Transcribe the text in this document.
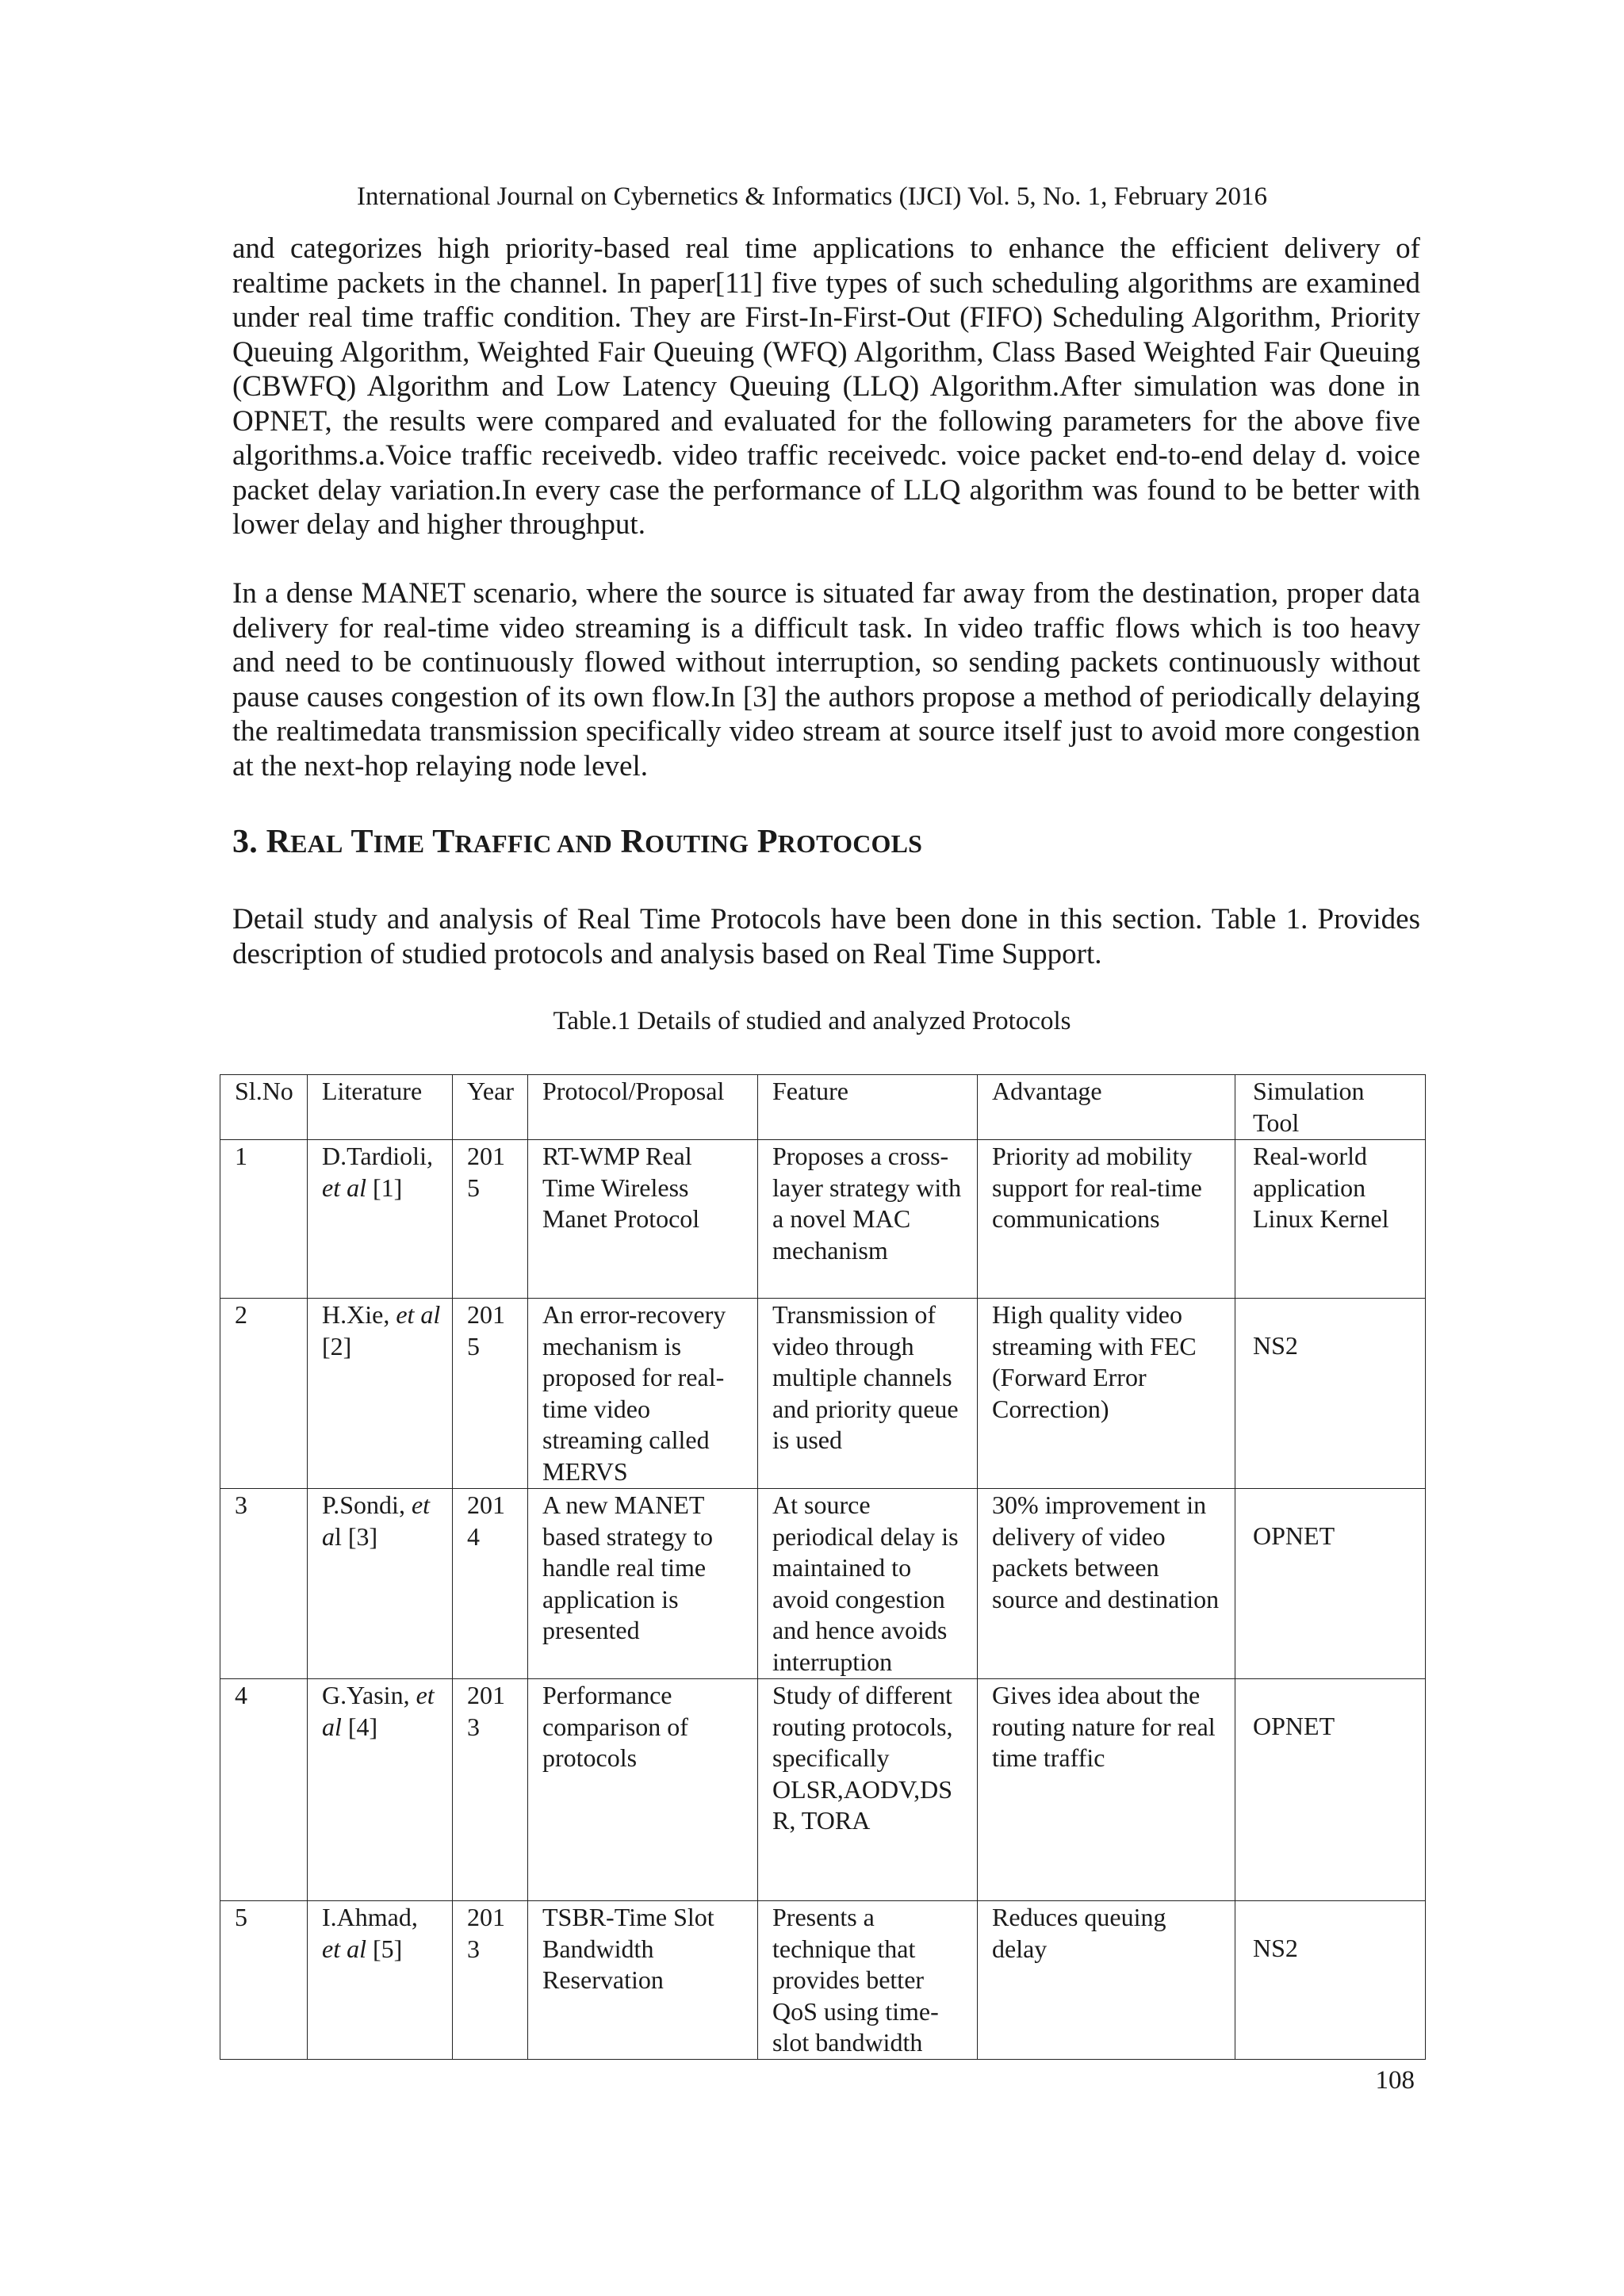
International Journal on Cybernetics & Informatics (IJCI) Vol. 5, No. 1, February 2016

and categorizes high priority-based real time applications to enhance the efficient delivery of realtime packets in the channel. In paper[11] five types of such scheduling algorithms are examined under real time traffic condition. They are First-In-First-Out (FIFO) Scheduling Algorithm, Priority Queuing Algorithm, Weighted Fair Queuing (WFQ) Algorithm, Class Based Weighted Fair Queuing (CBWFQ) Algorithm and Low Latency Queuing (LLQ) Algorithm.After simulation was done in OPNET, the results were compared and evaluated for the following parameters for the above five algorithms.a.Voice traffic receivedb. video traffic receivedc. voice packet end-to-end delay d. voice packet delay variation.In every case the performance of LLQ algorithm was found to be better with lower delay and higher throughput.

In a dense MANET scenario, where the source is situated far away from the destination, proper data delivery for real-time video streaming is a difficult task. In video traffic flows which is too heavy and need to be continuously flowed without interruption, so sending packets continuously without pause causes congestion of its own flow.In [3] the authors propose a method of periodically delaying the realtimedata transmission specifically video stream at source itself just to avoid more congestion at the next-hop relaying node level.

3. REAL TIME TRAFFIC AND ROUTING PROTOCOLS

Detail study and analysis of Real Time Protocols have been done in this section. Table 1. Provides description of studied protocols and analysis based on Real Time Support.

Table.1 Details of studied and analyzed Protocols
Sl.No	Literature	Year	Protocol/Proposal	Feature	Advantage	Simulation Tool
1	D.Tardioli, et al [1]	2015	RT-WMP Real Time Wireless Manet Protocol	Proposes a cross-layer strategy with a novel MAC mechanism	Priority ad mobility support for real-time communications	Real-world application Linux Kernel
2	H.Xie, et al [2]	2015	An error-recovery mechanism is proposed for real-time video streaming called MERVS	Transmission of video through multiple channels and priority queue is used	High quality video streaming with FEC (Forward Error Correction)	NS2

3	P.Sondi, et al [3]	2014	A new MANET based strategy to handle real time application is presented	At source periodical delay is maintained to avoid congestion and hence avoids interruption	30% improvement in delivery of video packets between source and destination	OPNET

4	G.Yasin, et al [4]	2013	Performance comparison of protocols	Study of different routing protocols, specifically OLSR,AODV,DSR, TORA	Gives idea about the routing nature for real time traffic	OPNET

5	I.Ahmad, et al [5]	2013	TSBR-Time Slot Bandwidth Reservation	Presents a technique that provides better QoS using time-slot bandwidth	Reduces queuing delay	NS2
108
